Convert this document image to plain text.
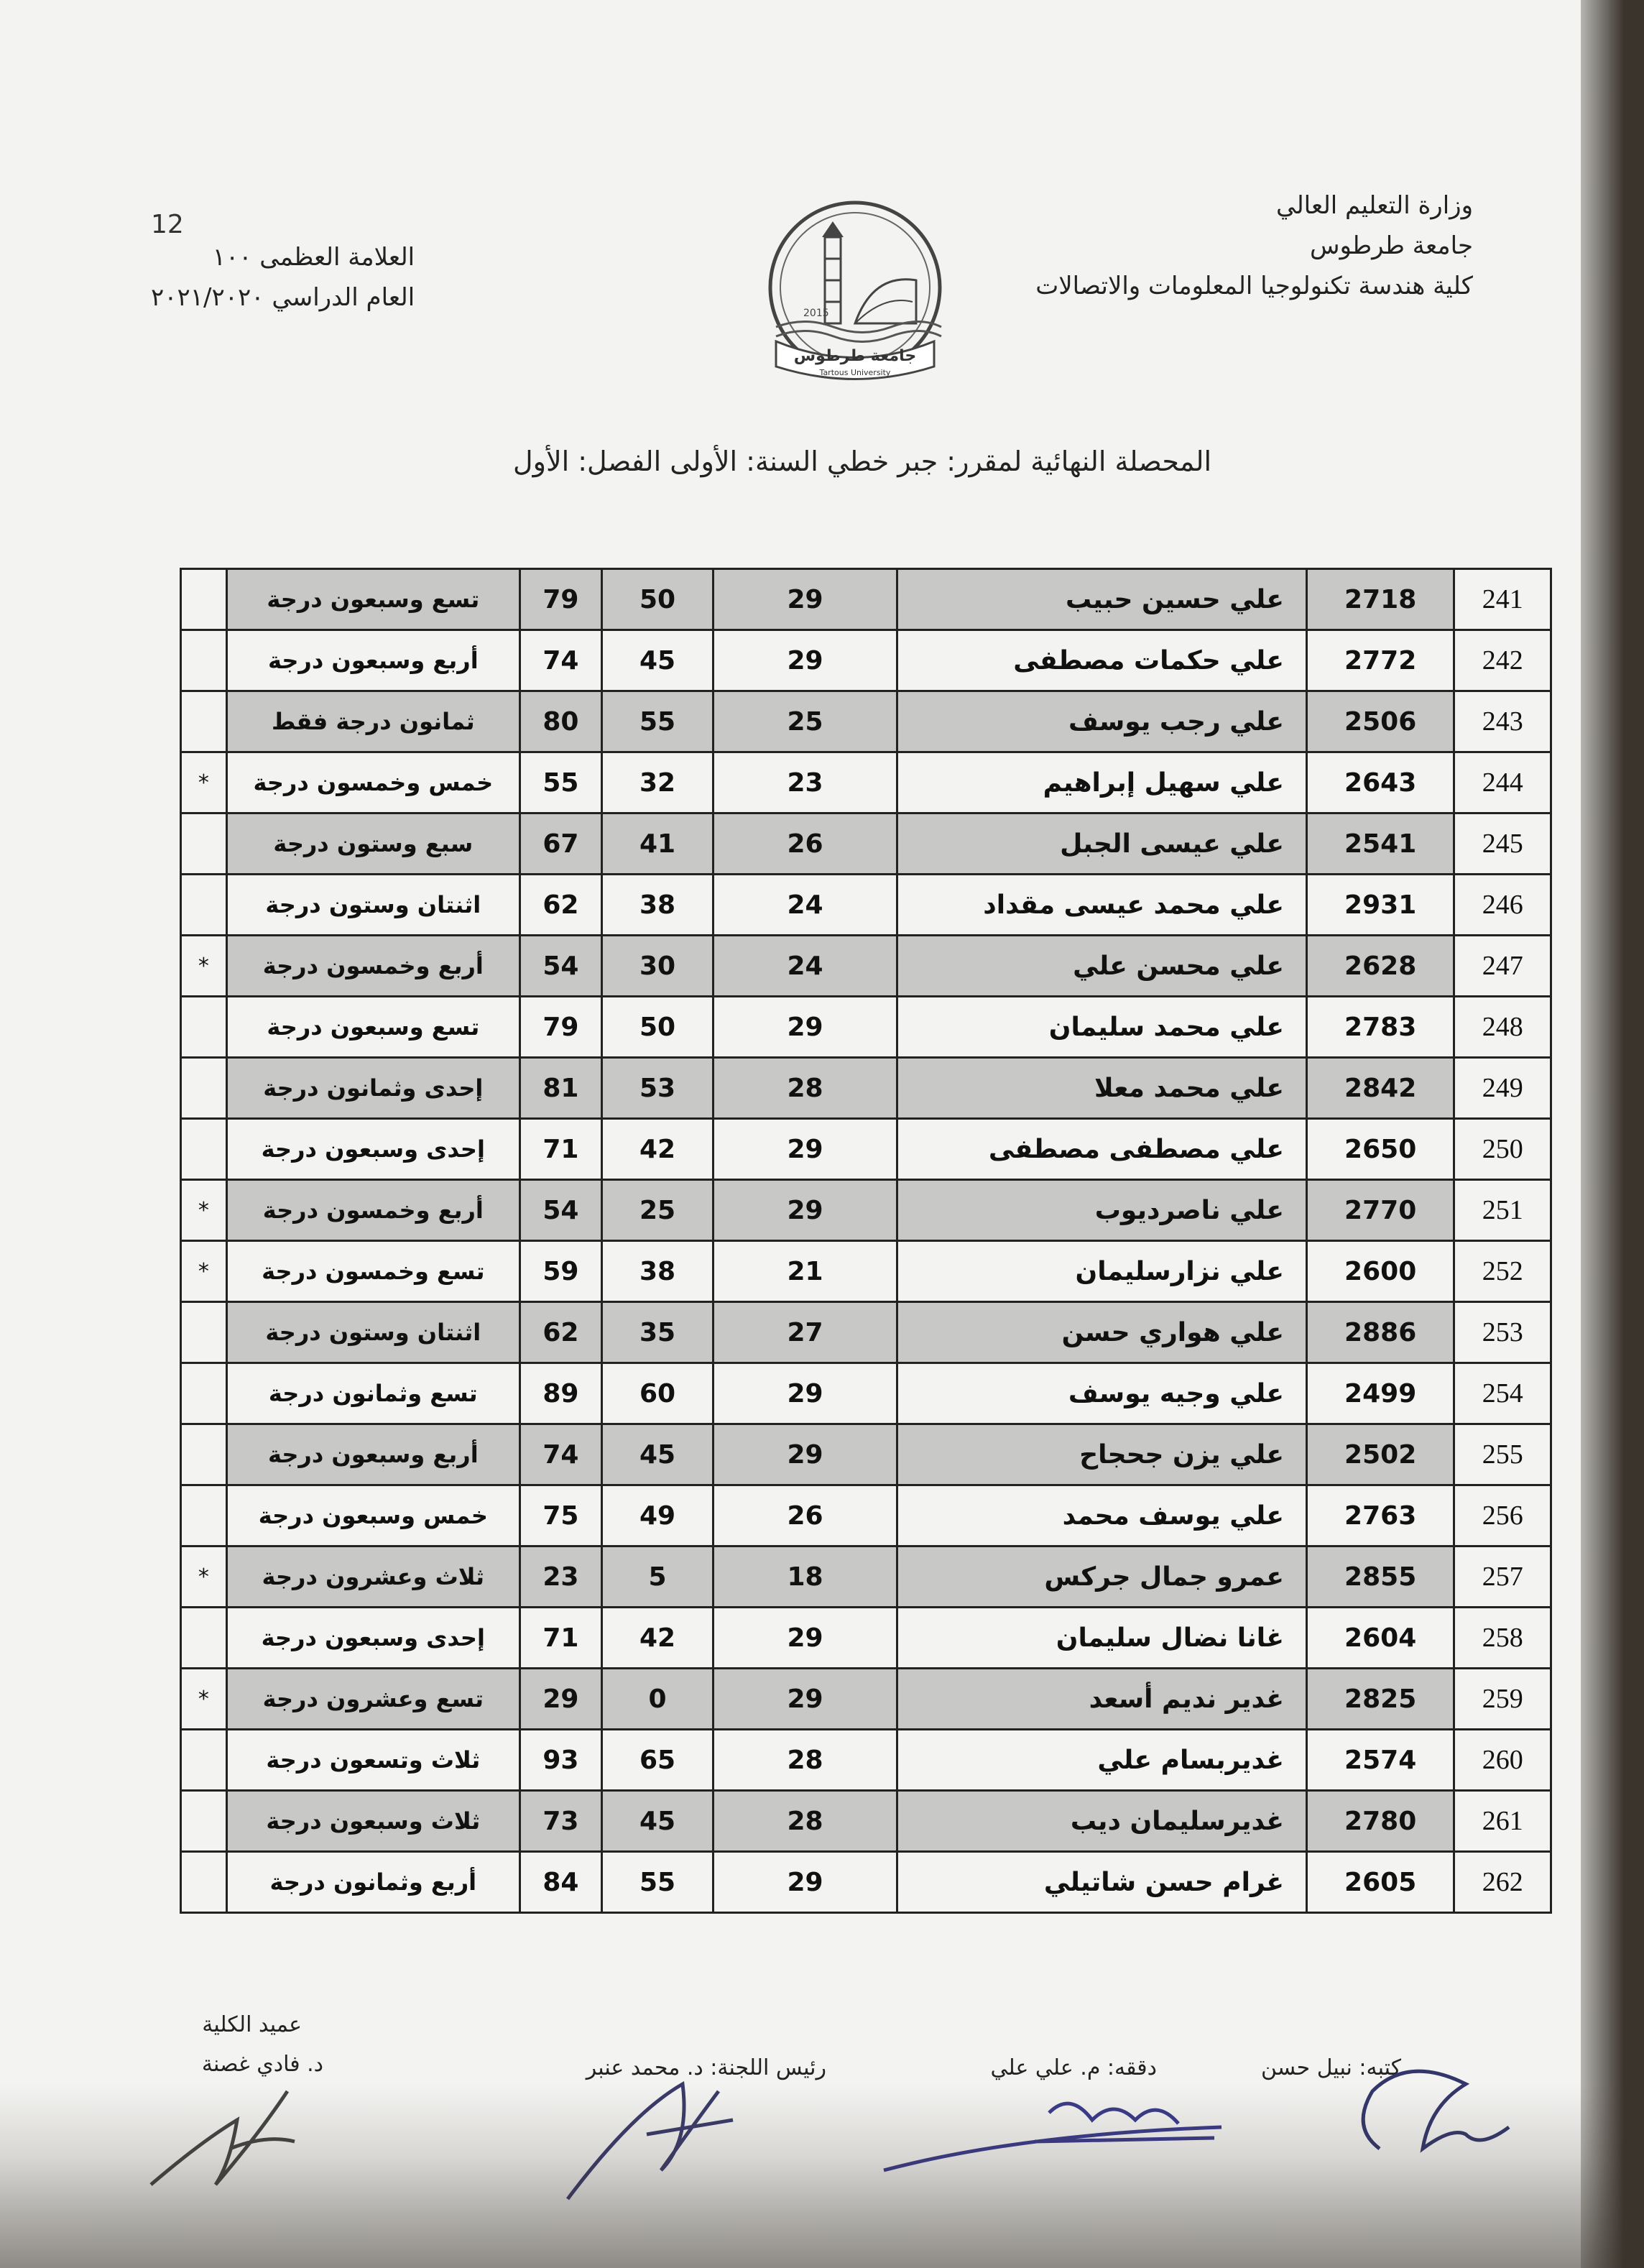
وزارة التعليم العالي
جامعة طرطوس
كلية هندسة تكنولوجيا المعلومات والاتصالات
العلامة العظمى ١٠٠
العام الدراسي ٢٠٢١/٢٠٢٠
12
2015
جامعة طرطوس
Tartous University
المحصلة النهائية لمقرر: جبر خطي السنة: الأولى الفصل: الأول
241	2718	علي حسين حبيب	29	50	79	تسع وسبعون درجة	
242	2772	علي حكمات مصطفى	29	45	74	أربع وسبعون درجة	
243	2506	علي رجب يوسف	25	55	80	ثمانون درجة فقط	
244	2643	علي سهيل إبراهيم	23	32	55	خمس وخمسون درجة	*
245	2541	علي عيسى الجبل	26	41	67	سبع وستون درجة	
246	2931	علي محمد عيسى مقداد	24	38	62	اثنتان وستون درجة	
247	2628	علي محسن علي	24	30	54	أربع وخمسون درجة	*
248	2783	علي محمد سليمان	29	50	79	تسع وسبعون درجة	
249	2842	علي محمد معلا	28	53	81	إحدى وثمانون درجة	
250	2650	علي مصطفى مصطفى	29	42	71	إحدى وسبعون درجة	
251	2770	علي ناصرديوب	29	25	54	أربع وخمسون درجة	*
252	2600	علي نزارسليمان	21	38	59	تسع وخمسون درجة	*
253	2886	علي هواري حسن	27	35	62	اثنتان وستون درجة	
254	2499	علي وجيه يوسف	29	60	89	تسع وثمانون درجة	
255	2502	علي يزن جحجاح	29	45	74	أربع وسبعون درجة	
256	2763	علي يوسف محمد	26	49	75	خمس وسبعون درجة	
257	2855	عمرو جمال جركس	18	5	23	ثلاث وعشرون درجة	*
258	2604	غانا نضال سليمان	29	42	71	إحدى وسبعون درجة	
259	2825	غدير نديم أسعد	29	0	29	تسع وعشرون درجة	*
260	2574	غديربسام علي	28	65	93	ثلاث وتسعون درجة	
261	2780	غديرسليمان ديب	28	45	73	ثلاث وسبعون درجة	
262	2605	غرام حسن شاتيلي	29	55	84	أربع وثمانون درجة	
كتبه: نبيل حسن
دققه: م. علي علي
رئيس اللجنة: د. محمد عنبر
عميد الكلية
د. فادي غصنة
